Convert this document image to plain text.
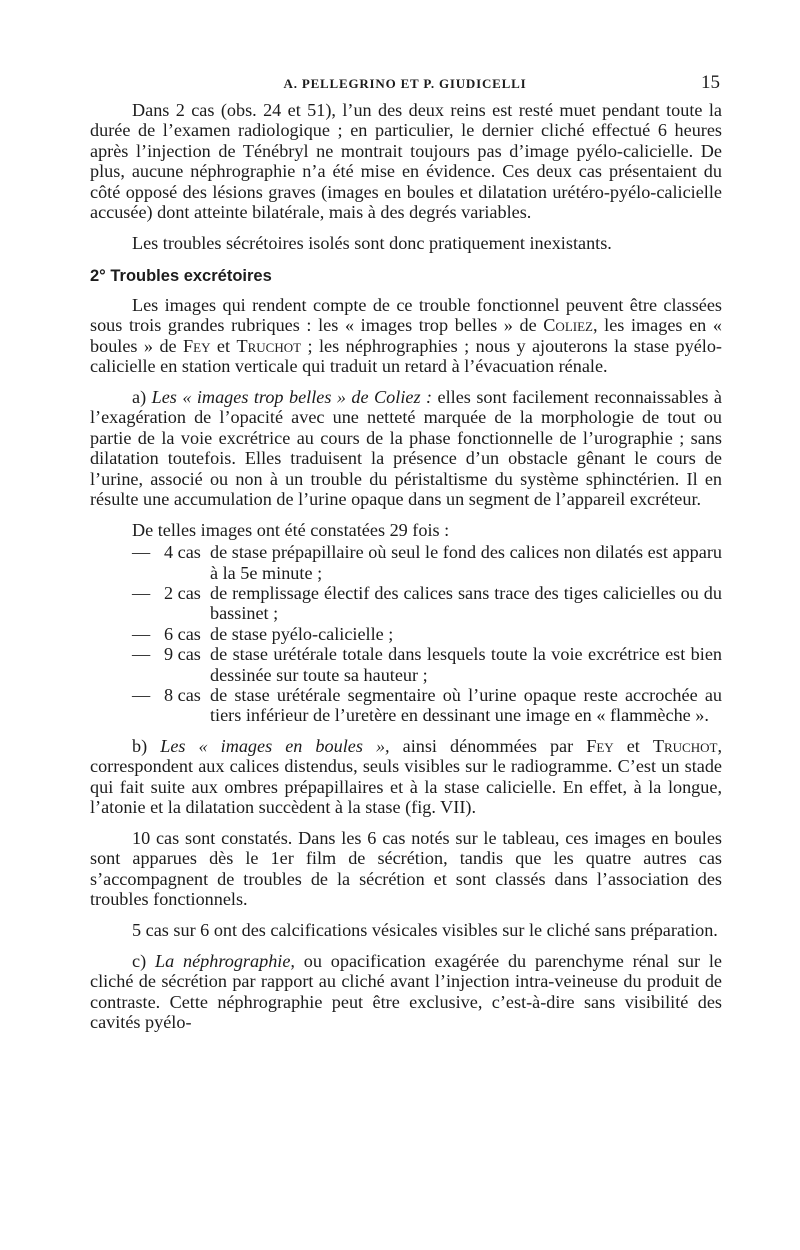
A. PELLEGRINO ET P. GIUDICELLI	15

Dans 2 cas (obs. 24 et 51), l’un des deux reins est resté muet pendant toute la durée de l’examen radiologique ; en particulier, le dernier cliché effectué 6 heures après l’injection de Ténébryl ne montrait toujours pas d’image pyélo-calicielle. De plus, aucune néphrographie n’a été mise en évidence. Ces deux cas présentaient du côté opposé des lésions graves (images en boules et dilatation urétéro-pyélo-calicielle accusée) dont atteinte bilatérale, mais à des degrés variables.

Les troubles sécrétoires isolés sont donc pratiquement inexistants.

2° Troubles excrétoires

Les images qui rendent compte de ce trouble fonctionnel peuvent être classées sous trois grandes rubriques : les « images trop belles » de Coliez, les images en « boules » de Fey et Truchot ; les néphrographies ; nous y ajouterons la stase pyélo-calicielle en station verticale qui traduit un retard à l’évacuation rénale.

a) Les « images trop belles » de Coliez : elles sont facilement reconnaissables à l’exagération de l’opacité avec une netteté marquée de la morphologie de tout ou partie de la voie excrétrice au cours de la phase fonctionnelle de l’urographie ; sans dilatation toutefois. Elles traduisent la présence d’un obstacle gênant le cours de l’urine, associé ou non à un trouble du péristaltisme du système sphinctérien. Il en résulte une accumulation de l’urine opaque dans un segment de l’appareil excréteur.

De telles images ont été constatées 29 fois :

— 4 cas de stase prépapillaire où seul le fond des calices non dilatés est apparu à la 5e minute ;
— 2 cas de remplissage électif des calices sans trace des tiges calicielles ou du bassinet ;
— 6 cas de stase pyélo-calicielle ;
— 9 cas de stase urétérale totale dans lesquels toute la voie excrétrice est bien dessinée sur toute sa hauteur ;
— 8 cas de stase urétérale segmentaire où l’urine opaque reste accrochée au tiers inférieur de l’uretère en dessinant une image en « flammèche ».

b) Les « images en boules », ainsi dénommées par Fey et Truchot, correspondent aux calices distendus, seuls visibles sur le radiogramme. C’est un stade qui fait suite aux ombres prépapillaires et à la stase calicielle. En effet, à la longue, l’atonie et la dilatation succèdent à la stase (fig. VII).

10 cas sont constatés. Dans les 6 cas notés sur le tableau, ces images en boules sont apparues dès le 1er film de sécrétion, tandis que les quatre autres cas s’accompagnent de troubles de la sécrétion et sont classés dans l’association des troubles fonctionnels.

5 cas sur 6 ont des calcifications vésicales visibles sur le cliché sans préparation.

c) La néphrographie, ou opacification exagérée du parenchyme rénal sur le cliché de sécrétion par rapport au cliché avant l’injection intra-veineuse du produit de contraste. Cette néphrographie peut être exclusive, c’est-à-dire sans visibilité des cavités pyélo-
